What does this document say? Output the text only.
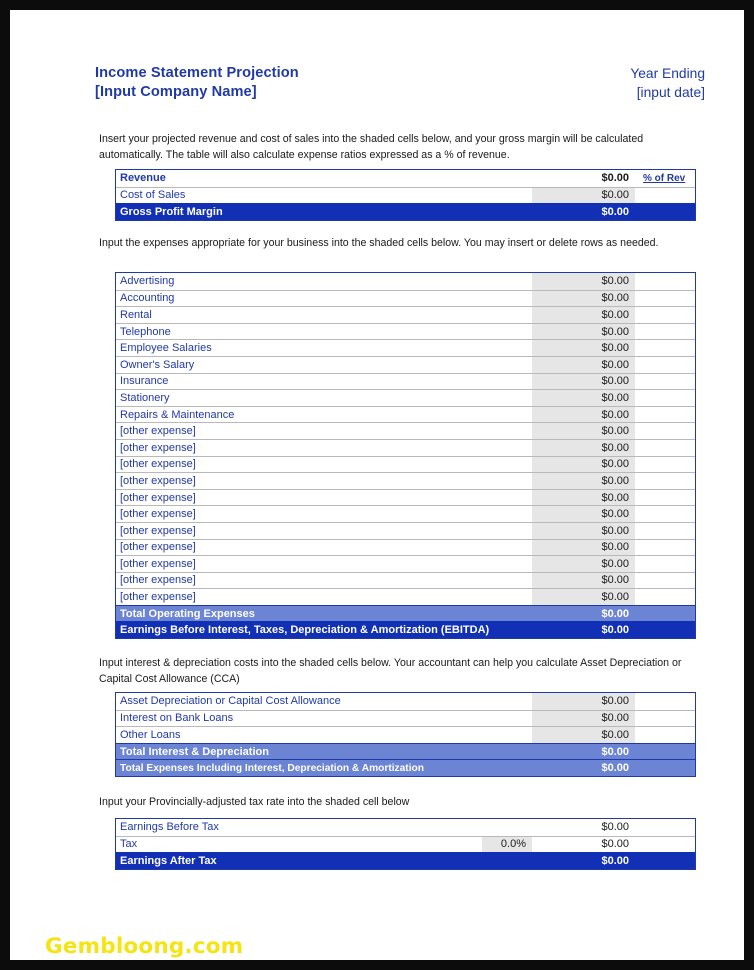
Income Statement Projection
[Input Company Name]
Year Ending
[input date]
Insert your projected revenue and cost of sales into the shaded cells below, and your gross margin will be calculated automatically. The table will also calculate expense ratios expressed as a % of revenue.
Revenue	$0.00	% of Rev
Cost of Sales	$0.00
Gross Profit Margin	$0.00
Input the expenses appropriate for your business into the shaded cells below. You may insert or delete rows as needed.
Advertising	$0.00
Accounting	$0.00
Rental	$0.00
Telephone	$0.00
Employee Salaries	$0.00
Owner's Salary	$0.00
Insurance	$0.00
Stationery	$0.00
Repairs & Maintenance	$0.00
[other expense]	$0.00
[other expense]	$0.00
[other expense]	$0.00
[other expense]	$0.00
[other expense]	$0.00
[other expense]	$0.00
[other expense]	$0.00
[other expense]	$0.00
[other expense]	$0.00
[other expense]	$0.00
[other expense]	$0.00
Total Operating Expenses	$0.00
Earnings Before Interest, Taxes, Depreciation & Amortization (EBITDA)	$0.00
Input interest & depreciation costs into the shaded cells below. Your accountant can help you calculate Asset Depreciation or Capital Cost Allowance (CCA)
Asset Depreciation or Capital Cost Allowance	$0.00
Interest on Bank Loans	$0.00
Other Loans	$0.00
Total Interest & Depreciation	$0.00
Total Expenses Including Interest, Depreciation & Amortization	$0.00
Input your Provincially-adjusted tax rate into the shaded cell below
Earnings Before Tax	$0.00
Tax	0.0%	$0.00
Earnings After Tax	$0.00
Gembloong.com
